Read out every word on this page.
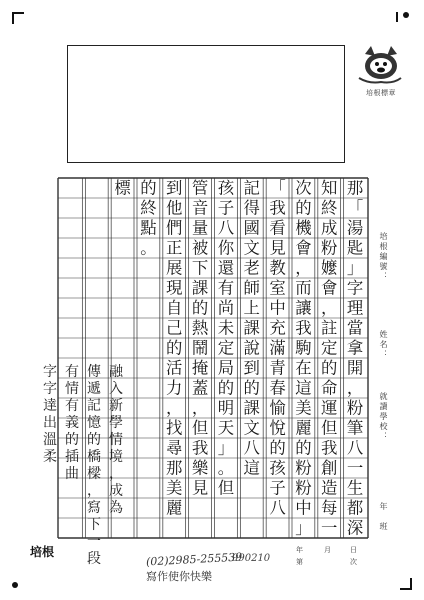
培根標章
那
「
湯
匙
」
字
理
當
拿
開
，
粉
筆
八
一
生
都
深
知
終
成
粉
嬤
會
，
註
定
的
命
運
但
我
創
造
每
一
次
的
機
會
，
而
讓
我
駒
在
這
美
麗
的
粉
粉
中
」
「
我
看
見
教
室
中
充
滿
青
春
愉
悅
的
孩
子
八
記
得
國
文
老
師
上
課
說
到
的
課
文
八
這
孩
子
八
你
還
有
尚
未
定
局
的
明
天
」
。
但
管
音
量
被
下
課
的
熱
鬧
掩
蓋
，
但
我
樂
見
到
他
們
正
展
現
自
己
的
活
力
，
找
尋
那
美
麗
的
終
點
。
標
融
入
新
學
情
境
，
成
為
傳
遞
記
憶
的
橋
樑
，
寫
下
一
段
有
情
有
義
的
插
曲
字
字
達
出
溫
柔
培根編號：
姓名：
就讀學校：
年　班
年	月	日
第	次
培根	(02)2985-255539
寫作使你快樂
990210
